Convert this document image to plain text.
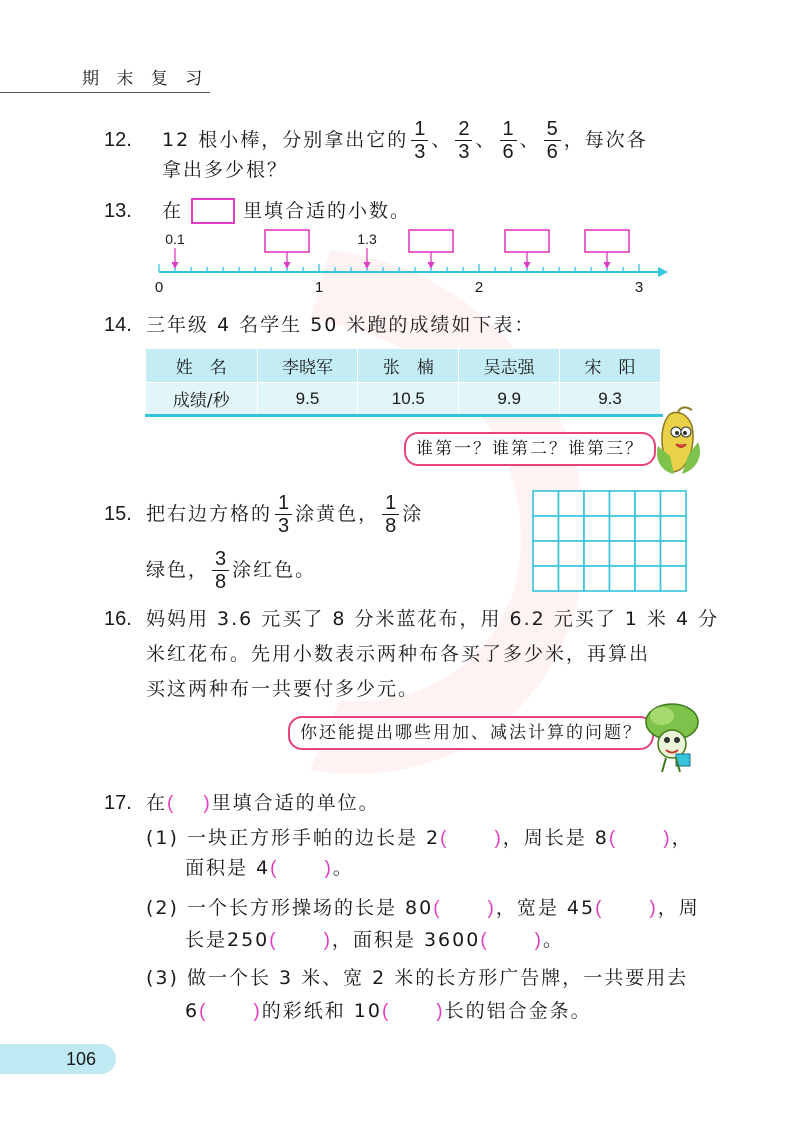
期 末 复 习
12.	12 根小棒，分别拿出它的 $\frac{1}{3}$ 、 $\frac{2}{3}$ 、 $\frac{1}{6}$ 、 $\frac{5}{6}$ ，每次各
拿出多少根？
13.	在	里填合适的小数。
0	1	2	3
0.1	1.3
14. 三年级 4 名学生 50 米跑的成绩如下表：
姓　名	李晓军	张　楠	吴志强	宋　阳
成绩/秒	9.5	10.5	9.9	9.3
谁第一？谁第二？谁第三？
15. 把右边方格的 $\frac{1}{3}$ 涂黄色， $\frac{1}{8}$ 涂
绿色， $\frac{3}{8}$ 涂红色。
16. 妈妈用 3.6 元买了 8 分米蓝花布，用 6.2 元买了 1 米 4 分
米红花布。先用小数表示两种布各买了多少米，再算出
买这两种布一共要付多少元。
你还能提出哪些用加、减法计算的问题？
17. 在( )里填合适的单位。
(1) 一块正方形手帕的边长是 2( )，周长是 8( )，
面积是 4( )。
(2) 一个长方形操场的长是 80( )，宽是 45( )，周
长是250( )，面积是 3600( )。
(3) 做一个长 3 米、宽 2 米的长方形广告牌，一共要用去
6( )的彩纸和 10( )长的铝合金条。
106
